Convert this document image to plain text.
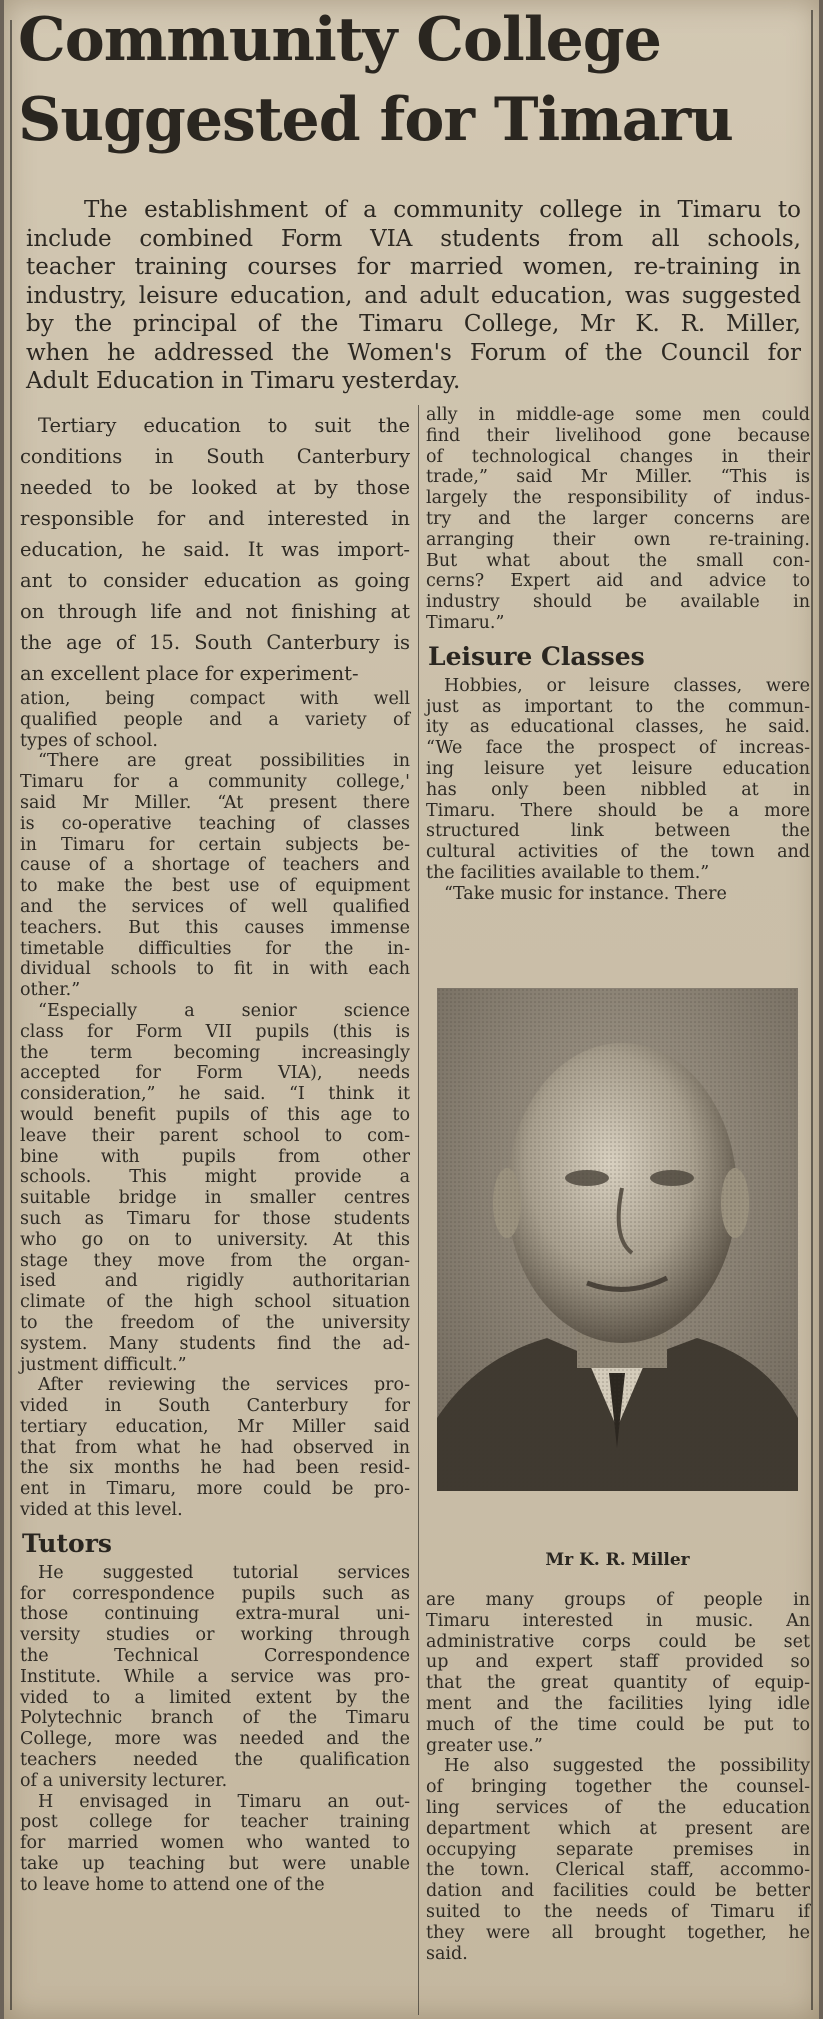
Community College
Suggested for Timaru
The establishment of a community college in Timaru to
include combined Form VIA students from all schools,
teacher training courses for married women, re-training in
industry, leisure education, and adult education, was suggested
by the principal of the Timaru College, Mr K. R. Miller,
when he addressed the Women's Forum of the Council for
Adult Education in Timaru yesterday.
Tertiary education to suit the
conditions in South Canterbury
needed to be looked at by those
responsible for and interested in
education, he said. It was import-
ant to consider education as going
on through life and not finishing at
the age of 15. South Canterbury is
an excellent place for experiment-
ation, being compact with well
qualified people and a variety of
types of school.
“There are great possibilities in
Timaru for a community college,'
said Mr Miller. “At present there
is co-operative teaching of classes
in Timaru for certain subjects be-
cause of a shortage of teachers and
to make the best use of equipment
and the services of well qualified
teachers. But this causes immense
timetable difficulties for the in-
dividual schools to fit in with each
other.”
“Especially a senior science
class for Form VII pupils (this is
the term becoming increasingly
accepted for Form VIA), needs
consideration,” he said. “I think it
would benefit pupils of this age to
leave their parent school to com-
bine with pupils from other
schools. This might provide a
suitable bridge in smaller centres
such as Timaru for those students
who go on to university. At this
stage they move from the organ-
ised and rigidly authoritarian
climate of the high school situation
to the freedom of the university
system. Many students find the ad-
justment difficult.”
After reviewing the services pro-
vided in South Canterbury for
tertiary education, Mr Miller said
that from what he had observed in
the six months he had been resid-
ent in Timaru, more could be pro-
vided at this level.
Tutors
He suggested tutorial services
for correspondence pupils such as
those continuing extra-mural uni-
versity studies or working through
the Technical Correspondence
Institute. While a service was pro-
vided to a limited extent by the
Polytechnic branch of the Timaru
College, more was needed and the
teachers needed the qualification
of a university lecturer.
H envisaged in Timaru an out-
post college for teacher training
for married women who wanted to
take up teaching but were unable
to leave home to attend one of the
ally in middle-age some men could
find their livelihood gone because
of technological changes in their
trade,” said Mr Miller. “This is
largely the responsibility of indus-
try and the larger concerns are
arranging their own re-training.
But what about the small con-
cerns? Expert aid and advice to
industry should be available in
Timaru.”
Leisure Classes
Hobbies, or leisure classes, were
just as important to the commun-
ity as educational classes, he said.
“We face the prospect of increas-
ing leisure yet leisure education
has only been nibbled at in
Timaru. There should be a more
structured link between the
cultural activities of the town and
the facilities available to them.”
“Take music for instance. There

Mr K. R. Miller

are many groups of people in
Timaru interested in music. An
administrative corps could be set
up and expert staff provided so
that the great quantity of equip-
ment and the facilities lying idle
much of the time could be put to
greater use.”
He also suggested the possibility
of bringing together the counsel-
ling services of the education
department which at present are
occupying separate premises in
the town. Clerical staff, accommo-
dation and facilities could be better
suited to the needs of Timaru if
they were all brought together, he
said.
